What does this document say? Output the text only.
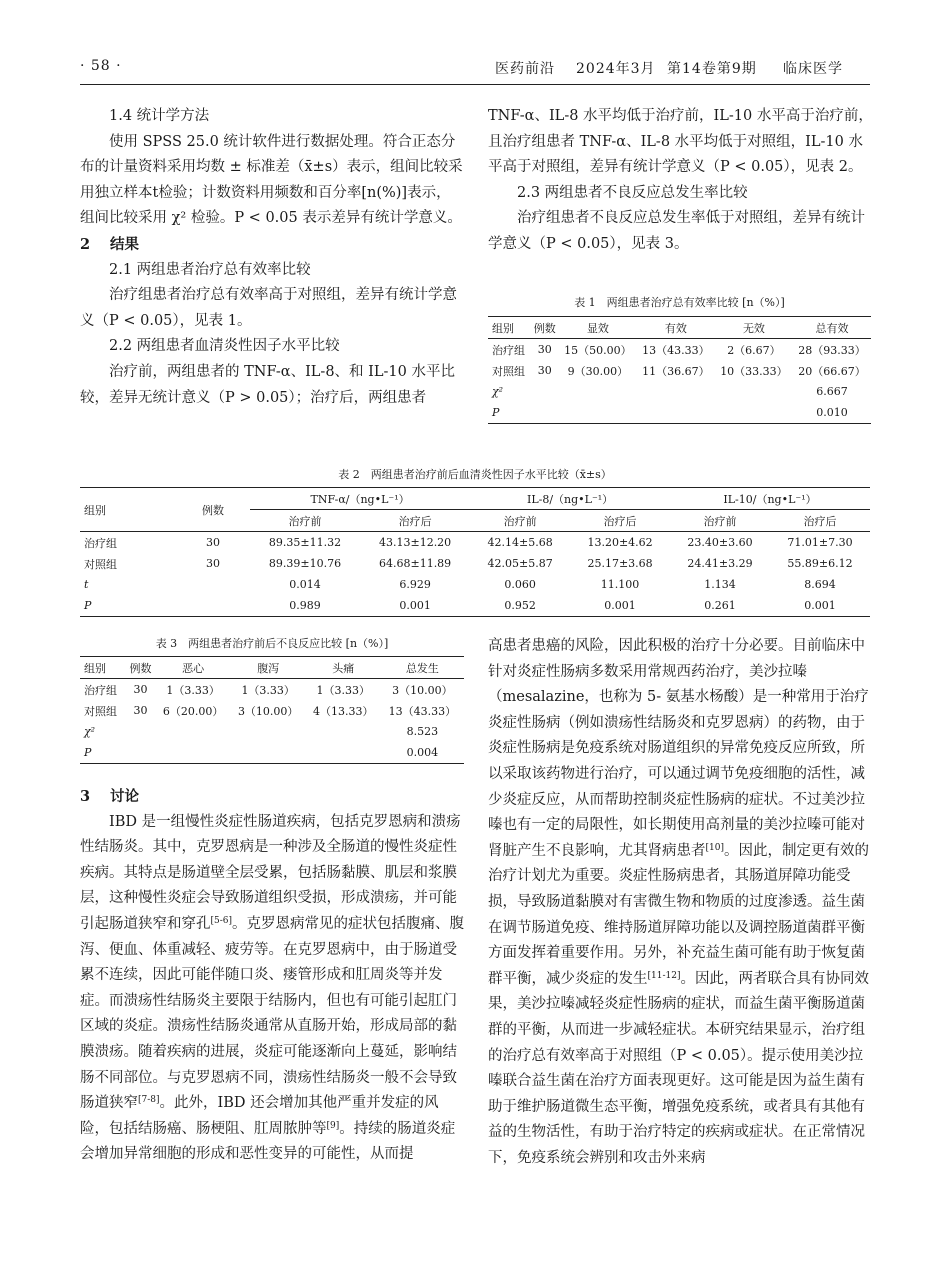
· 58 ·	医药前沿 2024年3月 第14卷第9期 临床医学

1.4 统计学方法

使用 SPSS 25.0 统计软件进行数据处理。符合正态分布的计量资料采用均数 ± 标准差（x̄±s）表示，组间比较采用独立样本t检验；计数资料用频数和百分率[n(%)]表示，组间比较采用 χ² 检验。P < 0.05 表示差异有统计学意义。

2 结果

2.1 两组患者治疗总有效率比较

治疗组患者治疗总有效率高于对照组，差异有统计学意义（P < 0.05），见表 1。

2.2 两组患者血清炎性因子水平比较

治疗前，两组患者的 TNF-α、IL-8、和 IL-10 水平比较，差异无统计意义（P > 0.05）；治疗后，两组患者

TNF-α、IL-8 水平均低于治疗前，IL-10 水平高于治疗前，且治疗组患者 TNF-α、IL-8 水平均低于对照组，IL-10 水平高于对照组，差异有统计学意义（P < 0.05），见表 2。

2.3 两组患者不良反应总发生率比较

治疗组患者不良反应总发生率低于对照组，差异有统计学意义（P < 0.05），见表 3。

表 1　两组患者治疗总有效率比较 [n（%）]
组别	例数	显效	有效	无效	总有效
治疗组	30	15（50.00）	13（43.33）	2（6.67）	28（93.33）
对照组	30	9（30.00）	11（36.67）	10（33.33）	20（66.67）
χ²					6.667
P					0.010
表 2　两组患者治疗前后血清炎性因子水平比较（x̄±s）
组别	例数	TNF-α/（ng•L⁻¹）		IL-8/（ng•L⁻¹）		IL-10/（ng•L⁻¹）	
		治疗前	治疗后	治疗前	治疗后	治疗前	治疗后
治疗组	30	89.35±11.32	43.13±12.20	42.14±5.68	13.20±4.62	23.40±3.60	71.01±7.30
对照组	30	89.39±10.76	64.68±11.89	42.05±5.87	25.17±3.68	24.41±3.29	55.89±6.12
t		0.014	6.929	0.060	11.100	1.134	8.694
P		0.989	0.001	0.952	0.001	0.261	0.001
表 3　两组患者治疗前后不良反应比较 [n（%）]
组别	例数	恶心	腹泻	头痛	总发生
治疗组	30	1（3.33）	1（3.33）	1（3.33）	3（10.00）
对照组	30	6（20.00）	3（10.00）	4（13.33）	13（43.33）
χ²					8.523
P					0.004

3 讨论

IBD 是一组慢性炎症性肠道疾病，包括克罗恩病和溃疡性结肠炎。其中，克罗恩病是一种涉及全肠道的慢性炎症性疾病。其特点是肠道壁全层受累，包括肠黏膜、肌层和浆膜层，这种慢性炎症会导致肠道组织受损，形成溃疡，并可能引起肠道狭窄和穿孔[5-6]。克罗恩病常见的症状包括腹痛、腹泻、便血、体重减轻、疲劳等。在克罗恩病中，由于肠道受累不连续，因此可能伴随口炎、瘘管形成和肛周炎等并发症。而溃疡性结肠炎主要限于结肠内，但也有可能引起肛门区域的炎症。溃疡性结肠炎通常从直肠开始，形成局部的黏膜溃疡。随着疾病的进展，炎症可能逐渐向上蔓延，影响结肠不同部位。与克罗恩病不同，溃疡性结肠炎一般不会导致肠道狭窄[7-8]。此外，IBD 还会增加其他严重并发症的风险，包括结肠癌、肠梗阻、肛周脓肿等[9]。持续的肠道炎症会增加异常细胞的形成和恶性变异的可能性，从而提

高患者患癌的风险，因此积极的治疗十分必要。目前临床中针对炎症性肠病多数采用常规西药治疗，美沙拉嗪（mesalazine，也称为 5- 氨基水杨酸）是一种常用于治疗炎症性肠病（例如溃疡性结肠炎和克罗恩病）的药物，由于炎症性肠病是免疫系统对肠道组织的异常免疫反应所致，所以采取该药物进行治疗，可以通过调节免疫细胞的活性，减少炎症反应，从而帮助控制炎症性肠病的症状。不过美沙拉嗪也有一定的局限性，如长期使用高剂量的美沙拉嗪可能对肾脏产生不良影响，尤其肾病患者[10]。因此，制定更有效的治疗计划尤为重要。炎症性肠病患者，其肠道屏障功能受损，导致肠道黏膜对有害微生物和物质的过度渗透。益生菌在调节肠道免疫、维持肠道屏障功能以及调控肠道菌群平衡方面发挥着重要作用。另外，补充益生菌可能有助于恢复菌群平衡，减少炎症的发生[11-12]。因此，两者联合具有协同效果，美沙拉嗪减轻炎症性肠病的症状，而益生菌平衡肠道菌群的平衡，从而进一步减轻症状。本研究结果显示，治疗组的治疗总有效率高于对照组（P < 0.05）。提示使用美沙拉嗪联合益生菌在治疗方面表现更好。这可能是因为益生菌有助于维护肠道微生态平衡，增强免疫系统，或者具有其他有益的生物活性，有助于治疗特定的疾病或症状。在正常情况下，免疫系统会辨别和攻击外来病
